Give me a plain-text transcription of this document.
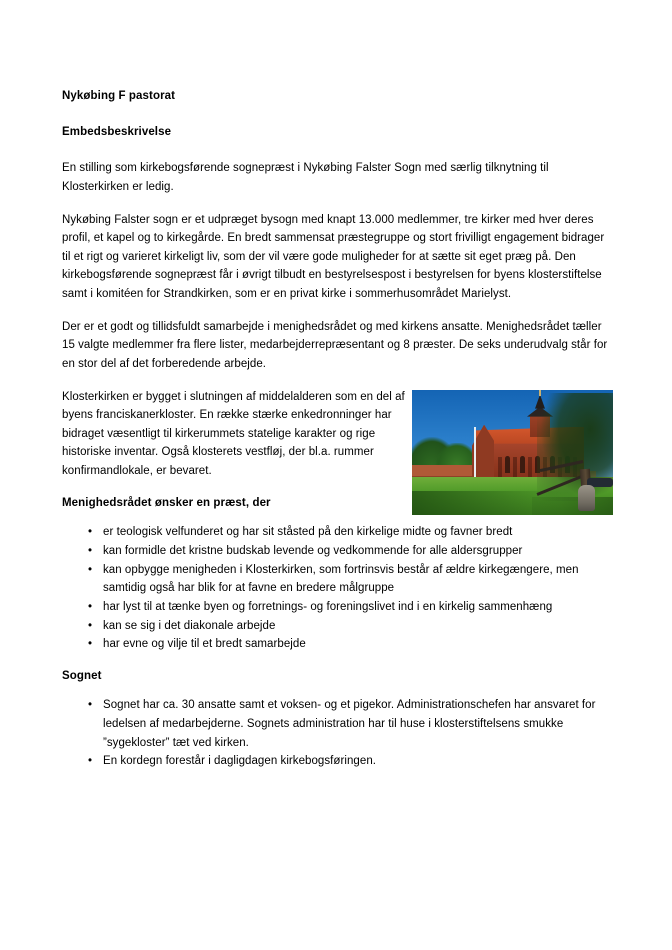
Nykøbing F pastorat
Embedsbeskrivelse

En stilling som kirkebogsførende sognepræst i Nykøbing Falster Sogn med særlig tilknytning til Klosterkirken er ledig.

Nykøbing Falster sogn er et udpræget bysogn med knapt 13.000 medlemmer, tre kirker med hver deres profil, et kapel og to kirkegårde. En bredt sammensat præstegruppe og stort frivilligt engagement bidrager til et rigt og varieret kirkeligt liv, som der vil være gode muligheder for at sætte sit eget præg på. Den kirkebogsførende sognepræst får i øvrigt tilbudt en bestyrelsespost i bestyrelsen for byens klosterstiftelse samt i komitéen for Strandkirken, som er en privat kirke i sommerhusområdet Marielyst.

Der er et godt og tillidsfuldt samarbejde i menighedsrådet og med kirkens ansatte. Menighedsrådet tæller 15 valgte medlemmer fra flere lister, medarbejderrepræsentant og 8 præster. De seks underudvalg står for en stor del af det forberedende arbejde.

Klosterkirken er bygget i slutningen af middelalderen som en del af byens franciskanerkloster. En række stærke enkedronninger har bidraget væsentligt til kirkerummets statelige karakter og rige historiske inventar. Også klosterets vestfløj, der bl.a. rummer konfirmandlokale, er bevaret.

Menighedsrådet ønsker en præst, der
• er teologisk velfunderet og har sit ståsted på den kirkelige midte og favner bredt
• kan formidle det kristne budskab levende og vedkommende for alle aldersgrupper
• kan opbygge menigheden i Klosterkirken, som fortrinsvis består af ældre kirkegængere, men samtidig også har blik for at favne en bredere målgruppe
• har lyst til at tænke byen og forretnings- og foreningslivet ind i en kirkelig sammenhæng
• kan se sig i det diakonale arbejde
• har evne og vilje til et bredt samarbejde
Sognet
• Sognet har ca. 30 ansatte samt et voksen- og et pigekor. Administrationschefen har ansvaret for ledelsen af medarbejderne. Sognets administration har til huse i klosterstiftelsens smukke ”sygekloster” tæt ved kirken.
• En kordegn forestår i dagligdagen kirkebogsføringen.
